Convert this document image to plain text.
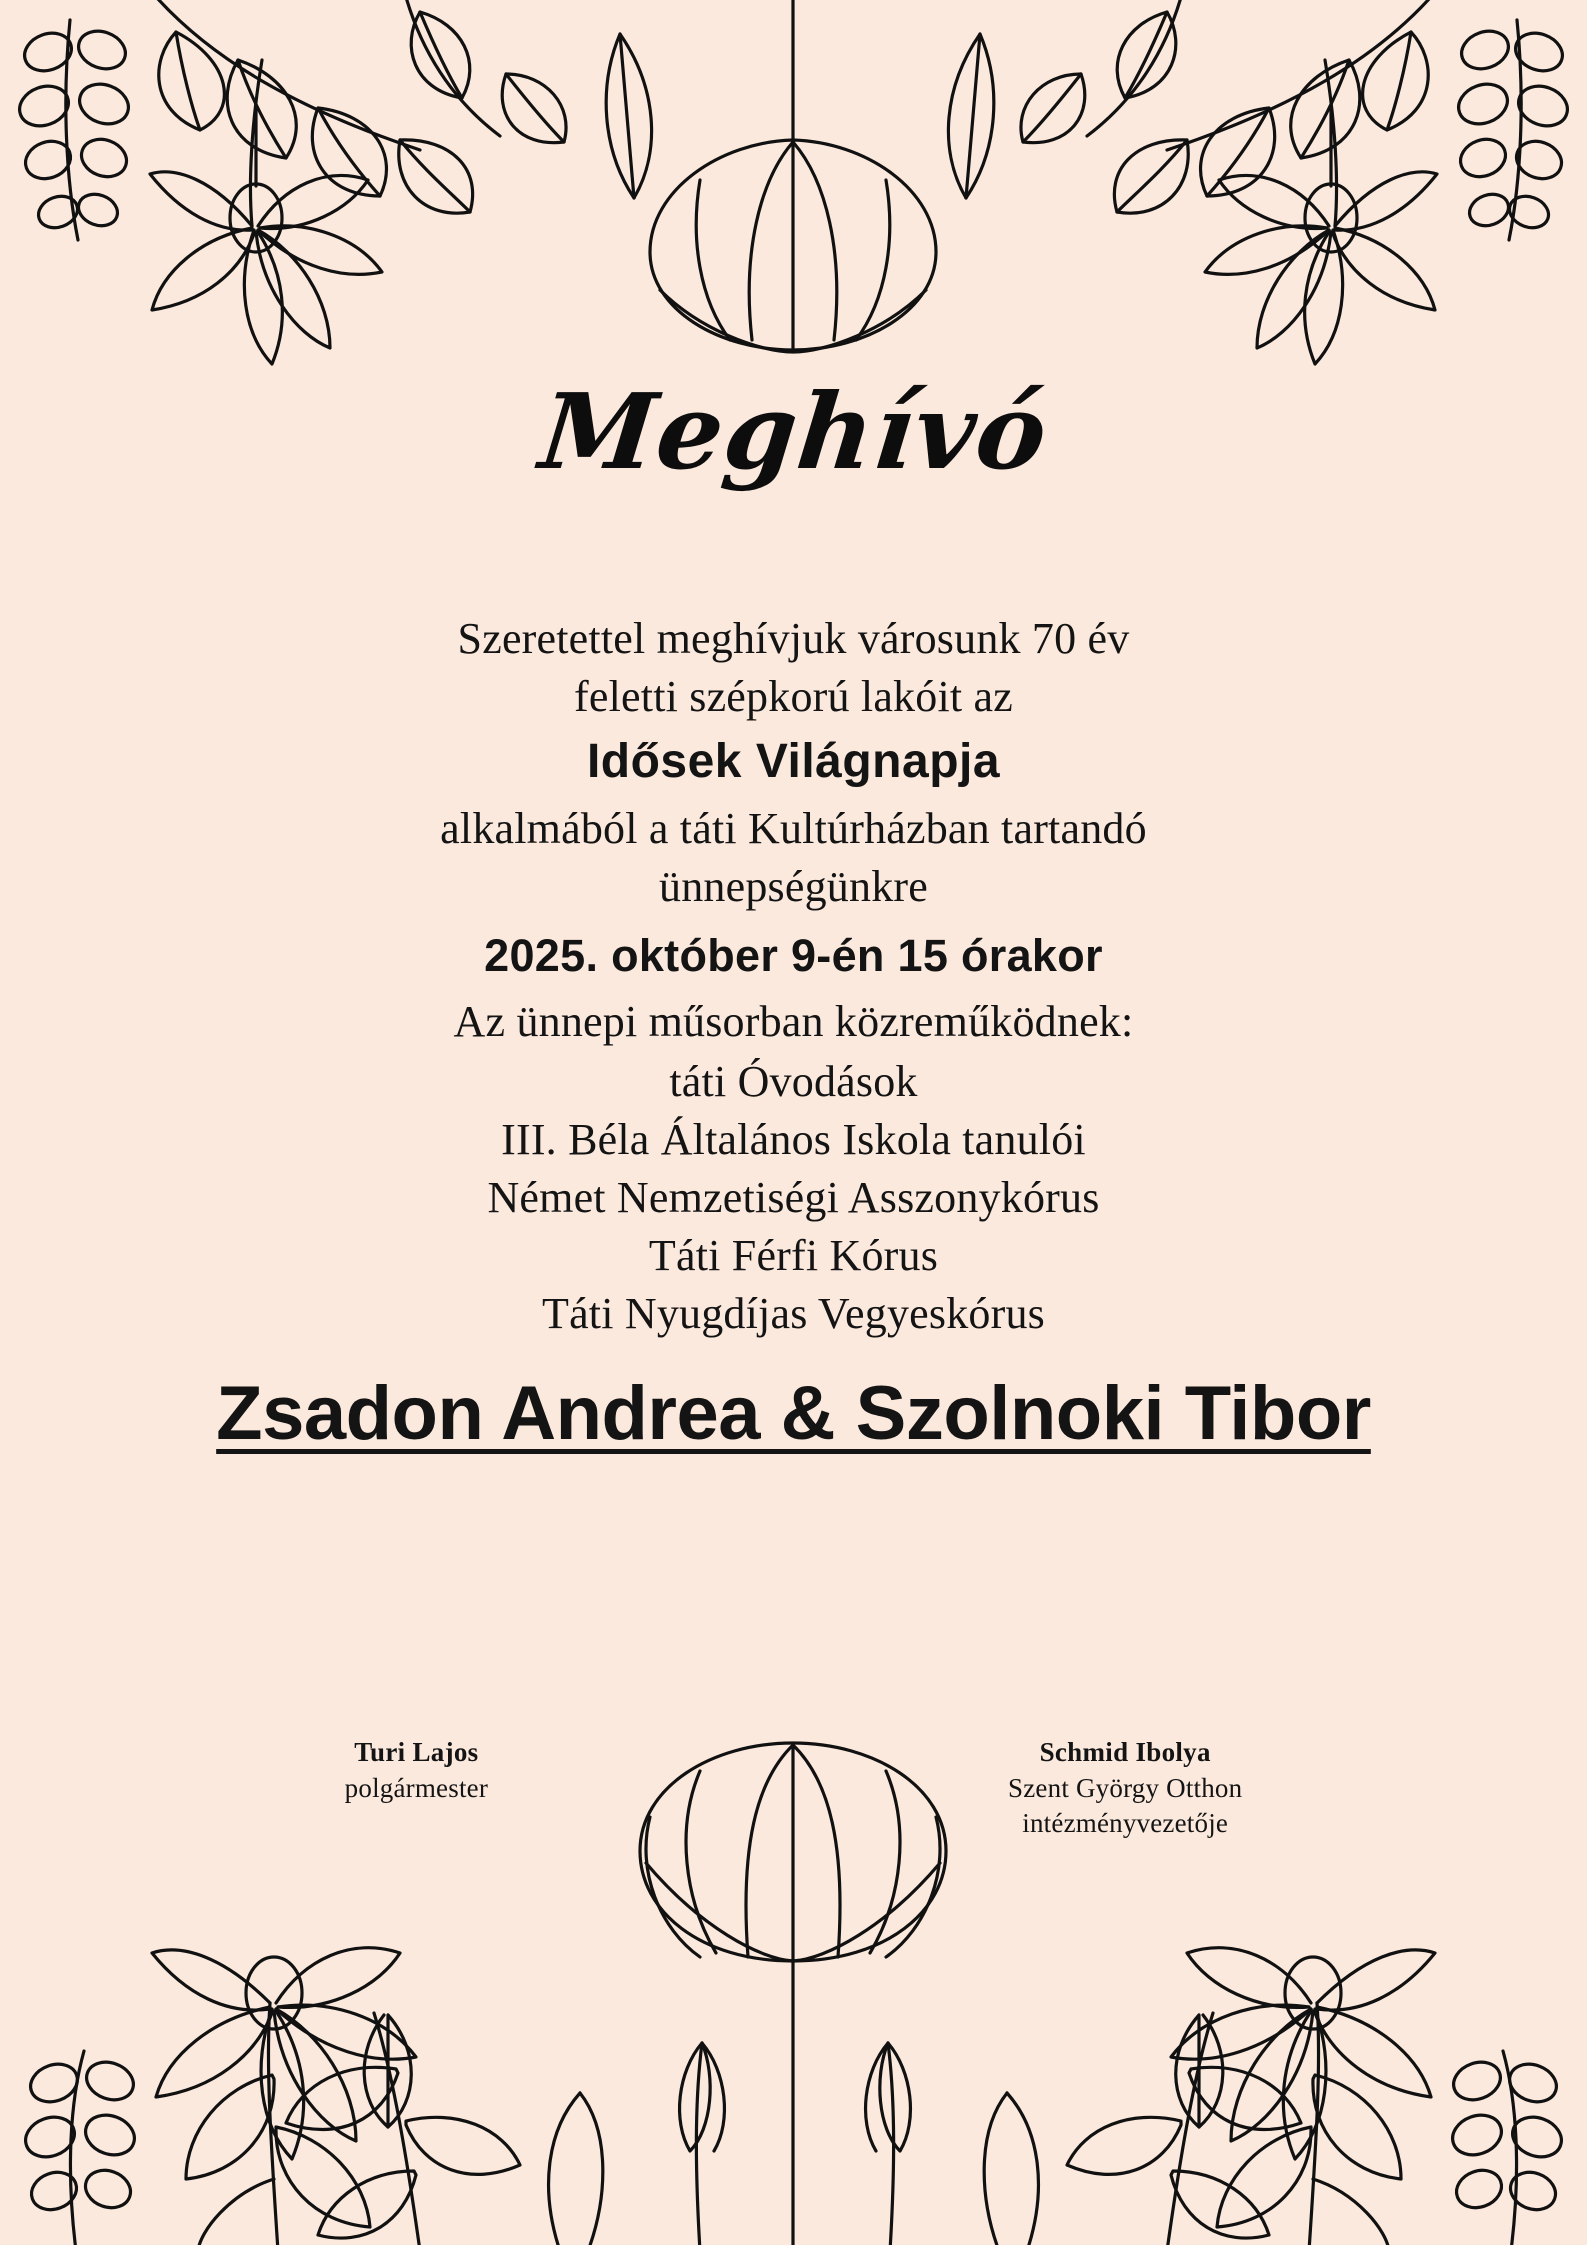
Meghívó
Szeretettel meghívjuk városunk 70 év
feletti szépkorú lakóit az
Idősek Világnapja
alkalmából a táti Kultúrházban tartandó
ünnepségünkre
2025. október 9-én 15 órakor
Az ünnepi műsorban közreműködnek:
táti Óvodások
III. Béla Általános Iskola tanulói
Német Nemzetiségi Asszonykórus
Táti Férfi Kórus
Táti Nyugdíjas Vegyeskórus
Zsadon Andrea & Szolnoki Tibor
Turi Lajos
polgármester
Schmid Ibolya
Szent György Otthon
intézményvezetője
